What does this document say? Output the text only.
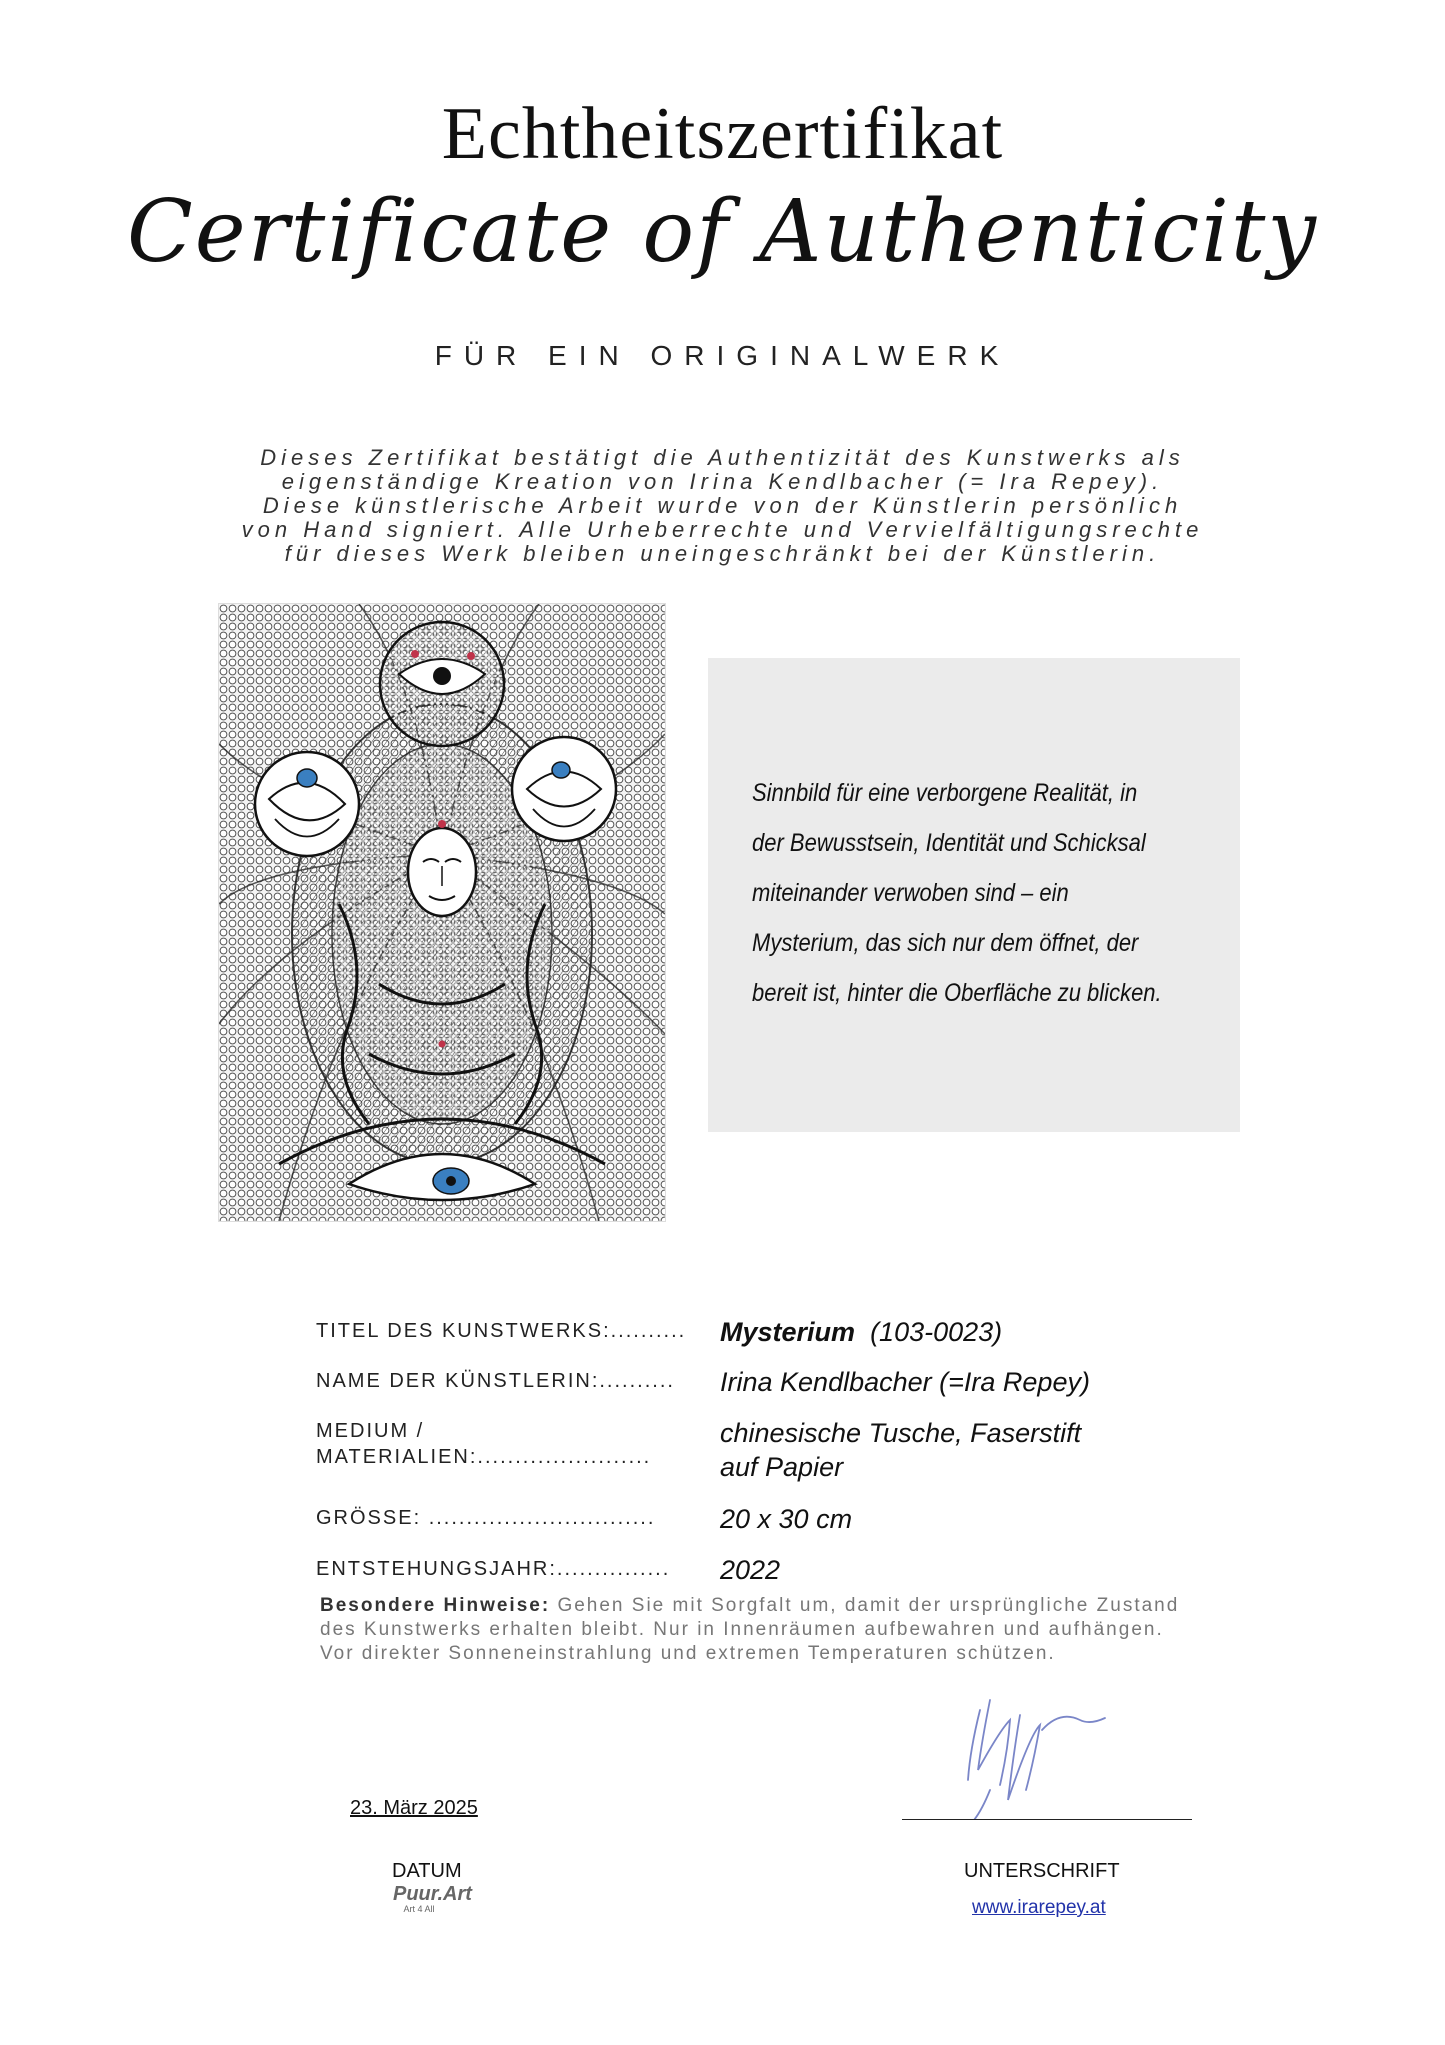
Echtheitszertifikat
Certificate of Authenticity
FÜR EIN ORIGINALWERK
Dieses Zertifikat bestätigt die Authentizität des Kunstwerks als
eigenständige Kreation von Irina Kendlbacher (= Ira Repey).
Diese künstlerische Arbeit wurde von der Künstlerin persönlich
von Hand signiert. Alle Urheberrechte und Vervielfältigungsrechte
für dieses Werk bleiben uneingeschränkt bei der Künstlerin.
Sinnbild für eine verborgene Realität, in
der Bewusstsein, Identität und Schicksal
miteinander verwoben sind – ein
Mysterium, das sich nur dem öffnet, der
bereit ist, hinter die Oberfläche zu blicken.
TITEL DES KUNSTWERKS:..........	Mysterium (103-0023)
NAME DER KÜNSTLERIN:..........	Irina Kendlbacher (=Ira Repey)
MEDIUM /
MATERIALIEN:.......................
chinesische Tusche, Faserstift
auf Papier
GRÖSSE: ..............................	20 x 30 cm
ENTSTEHUNGSJAHR:...............	2022
Besondere Hinweise: Gehen Sie mit Sorgfalt um, damit der ursprüngliche Zustand des Kunstwerks erhalten bleibt. Nur in Innenräumen aufbewahren und aufhängen. Vor direkter Sonneneinstrahlung und extremen Temperaturen schützen.
23. März 2025
DATUM	UNTERSCHRIFT
Puur.Art
Art 4 All	www.irarepey.at
